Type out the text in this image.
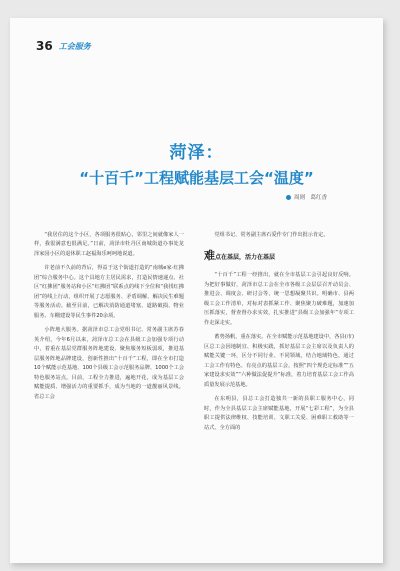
36 工会服务
菏泽：
“十百千”工程赋能基层工会“温度”
周则　葛红香

“我居住的这个小区，各项服务很贴心，邻里之间就像家人一样，我很满意也很满足。”日前，菏泽市牡丹区南城街道办事处龙泽家园小区的退休职工赵福海乐呵呵地说道。

许老前不久前的背后，得益于这个街道打造的“南城e家·红拂团”综合服务中心。这个具地方主居民需求，打造民情速递点、社区“红拂团”服务站和小区“红拂团”联系点的线下全位和“我找红拂团”的线上行动，组织开展了志愿服务、矛盾调解、解决民生难题等服务活动。截至目前，已解决消防通道堵塞、道路破损、物业服务、车棚建设等民生事件20余项。

小阵地大服务。据菏泽市总工会党组书记、常务副主席苏春英介绍，今年6月以来，菏泽市总工会在县级工会加强专项行动中，着重在基层党群服务阵地建设、聚焦服务短板弱项，推进基层服务阵地品牌建设，创新性推出“十百千”工程，即在全市打造10个赋能示范基地、100个县级工会示范服务品牌、1000个工会特色服务站点。目前，工程全力推进，遍地开花，成为基层工会赋能提质、增强活力的重要抓手，成为当地的一道靓丽风景线。省总工会

党组书记、常务副主席石爱作专门作出批示肯定。

难点在基层，活力在基层

“十百千”工程一经推出，就在全市基层工会引起良好反响。为把好事做好，菏泽市总工会在全市各级工会层层召开动员会、推进会、调度会、研讨会等，统一思想凝聚共识。明确市、县两级工会工作清单，对标对表抓紧工作、聚焦聚力破难题，加速加压抓落实，督查督办求实效，扎实推进“县级工会加强年”专项工作走深走实。

蓄势扬帆，重在落实。在全市赋能示范基地建设中，各县(市)区总工会因地制宜、积极实践，抓好基层工会主席以及负责人的赋能关键一环，区分不同行业、不同领域，结合地域特色，通过工会工作有特色、有亮点的基层工会，按照“四个规范定标准”“五家建设求实效”“六种做法促提升”标准，着力培育基层工会工作高质量发展示范基地。

在东明县，县总工会打造独共一新的县职工服务中心，同时，作为全县基层工会主席赋能基地，开展“七彩工程”，为全县职工提供法律维权、技能培训、文职工关爱、困难职工救助等一站式、全方面的
